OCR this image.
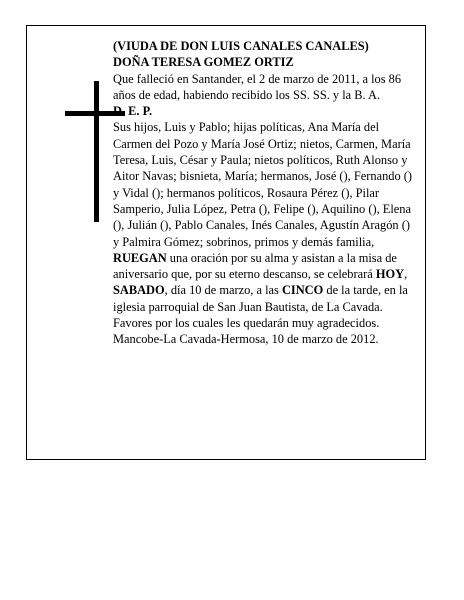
(VIUDA DE DON LUIS CANALES CANALES)

DOÑA TERESA GOMEZ ORTIZ

Que falleció en Santander, el 2 de marzo de 2011, a los 86 años de edad, habiendo recibido los SS. SS. y la B. A.

D. E. P.

Sus hijos, Luis y Pablo; hijas políticas, Ana María del Carmen del Pozo y María José Ortiz; nietos, Carmen, María Teresa, Luis, César y Paula; nietos políticos, Ruth Alonso y Aitor Navas; bisnieta, María; hermanos, José (), Fernando () y Vidal (); hermanos políticos, Rosaura Pérez (), Pilar Samperio, Julia López, Petra (), Felipe (), Aquilino (), Elena (), Julián (), Pablo Canales, Inés Canales, Agustín Aragón () y Palmira Gómez; sobrinos, primos y demás familia,

RUEGAN una oración por su alma y asistan a la misa de aniversario que, por su eterno descanso, se celebrará HOY, SABADO, día 10 de marzo, a las CINCO de la tarde, en la iglesia parroquial de San Juan Bautista, de La Cavada. Favores por los cuales les quedarán muy agradecidos.

Mancobe-La Cavada-Hermosa, 10 de marzo de 2012.
